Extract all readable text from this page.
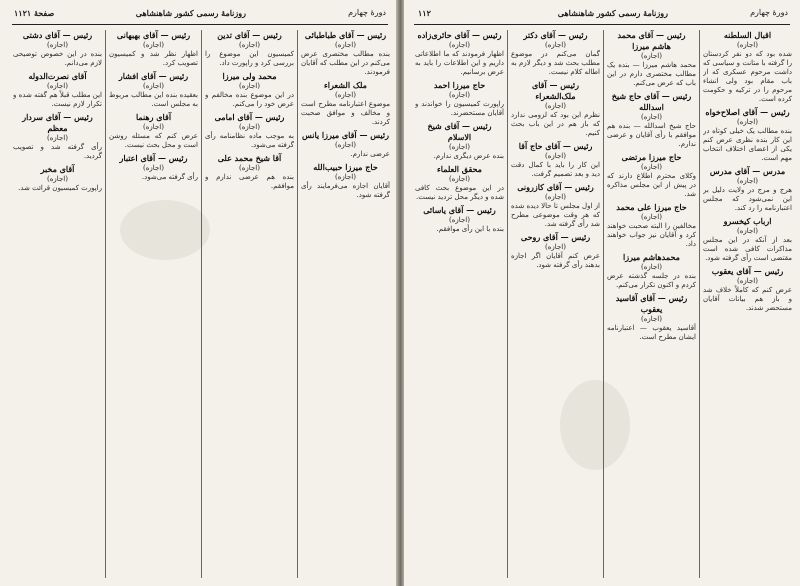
دورهٔ چهارم
روزنامهٔ رسمی کشور شاهنشاهی
صفحهٔ ١١٢١
رئیس — آقای طباطبائی
(اجازه)
بنده مطالب مختصری عرض می‌کنم در این مطلب که آقایان فرمودند.
ملک الشعراء
(اجازه)
موضوع اعتبارنامه مطرح است و مخالف و موافق صحبت کردند.
رئیس — آقای میرزا یانس
(اجازه)
عرضی ندارم.
حاج میرزا حبیب‌الله
(اجازه)
آقایان اجازه می‌فرمایند رأی گرفته شود.
رئیس — آقای تدین
(اجازه)
کمیسیون این موضوع را بررسی کرد و راپورت داد.
محمد ولی میرزا
(اجازه)
در این موضوع بنده مخالفم و عرض خود را می‌کنم.
رئیس — آقای امامی
(اجازه)
به موجب ماده نظامنامه رأی گرفته می‌شود.
آقا شیخ محمد علی
(اجازه)
بنده هم عرضی ندارم و موافقم.
رئیس — آقای بهبهانی
(اجازه)
اظهار نظر شد و کمیسیون تصویب کرد.
رئیس — آقای افشار
(اجازه)
بعقیده بنده این مطالب مربوط به مجلس است.
آقای رهنما
(اجازه)
عرض کنم که مسئله روشن است و محل بحث نیست.
رئیس — آقای اعتبار
(اجازه)
رأی گرفته می‌شود.
رئیس — آقای دشتی
(اجازه)
بنده در این خصوص توضیحی لازم می‌دانم.
آقای نصرت‌الدوله
(اجازه)
این مطلب قبلاً هم گفته شده و تکرار لازم نیست.
رئیس — آقای سردار معظم
(اجازه)
رأی گرفته شد و تصویب گردید.
آقای مخبر
(اجازه)
راپورت کمیسیون قرائت شد.
١١٢	روزنامهٔ رسمی کشور شاهنشاهی	دورهٔ چهارم
اقبال السلطنه
(اجازه)
شده بود که دو نفر کردستان را گرفته با متانت و سیاسی که داشت مرحوم عسکری که از باب مقام بود ولی انشاء مرحوم را در ترکیه و حکومت کرده است.
رئیس — آقای اصلاح‌خواه
(اجازه)
بنده مطالب یک خیلی کوتاه در این کار بنده نظری عرض کنم یکی از اعضای اختلاف انتخاب مهم است.
مدرس — آقای مدرس
(اجازه)
هرج و مرج در ولایت دلیل بر این نمی‌شود که مجلس اعتبارنامه را رد کند.
ارباب کیخسرو
(اجازه)
بعد از آنکه در این مجلس مذاکرات کافی شده است مقتضی است رأی گرفته شود.
رئیس — آقای یعقوب
(اجازه)
عرض کنم که کاملاً خلاف شد و باز هم بیانات آقایان مستحضر شدند.
رئیس — آقای محمد هاشم میرزا
(اجازه)
محمد هاشم میرزا — بنده یک مطالب مختصری دارم در این باب که عرض می‌کنم.
رئیس — آقای حاج شیخ اسدالله
(اجازه)
حاج شیخ اسدالله — بنده هم موافقم با رأی آقایان و عرضی ندارم.
حاج میرزا مرتضی
(اجازه)
وکلای محترم اطلاع دارند که در پیش از این مجلس مذاکره شد.
حاج میرزا علی محمد
(اجازه)
مخالفین را البته صحبت خواهند کرد و آقایان نیز جواب خواهند داد.
محمدهاشم میرزا
(اجازه)
بنده در جلسه گذشته عرض کردم و اکنون تکرار می‌کنم.
رئیس — آقای آقاسید یعقوب
(اجازه)
آقاسید یعقوب — اعتبارنامه ایشان مطرح است.
رئیس — آقای دکتر
(اجازه)
گمان می‌کنم در موضوع مطلب بحث شد و دیگر لازم به اطاله کلام نیست.
رئیس — آقای ملک‌الشعراء
(اجازه)
نظرم این بود که لزومی ندارد که باز هم در این باب بحث کنیم.
رئیس — آقای حاج آقا
(اجازه)
این کار را باید با کمال دقت دید و بعد تصمیم گرفت.
رئیس — آقای کازرونی
(اجازه)
از اول مجلس تا حالا دیده شده که هر وقت موضوعی مطرح شد رأی گرفته شد.
رئیس — آقای روحی
(اجازه)
عرض کنم آقایان اگر اجازه بدهند رأی گرفته شود.
رئیس — آقای حائری‌زاده
(اجازه)
اظهار فرمودند که ما اطلاعاتی داریم و این اطلاعات را باید به عرض برسانیم.
حاج میرزا احمد
(اجازه)
راپورت کمیسیون را خواندند و آقایان مستحضرند.
رئیس — آقای شیخ الاسلام
(اجازه)
بنده عرض دیگری ندارم.
محقق العلماء
(اجازه)
در این موضوع بحث کافی شده و دیگر محل تردید نیست.
رئیس — آقای یاسائی
(اجازه)
بنده با این رأی موافقم.
